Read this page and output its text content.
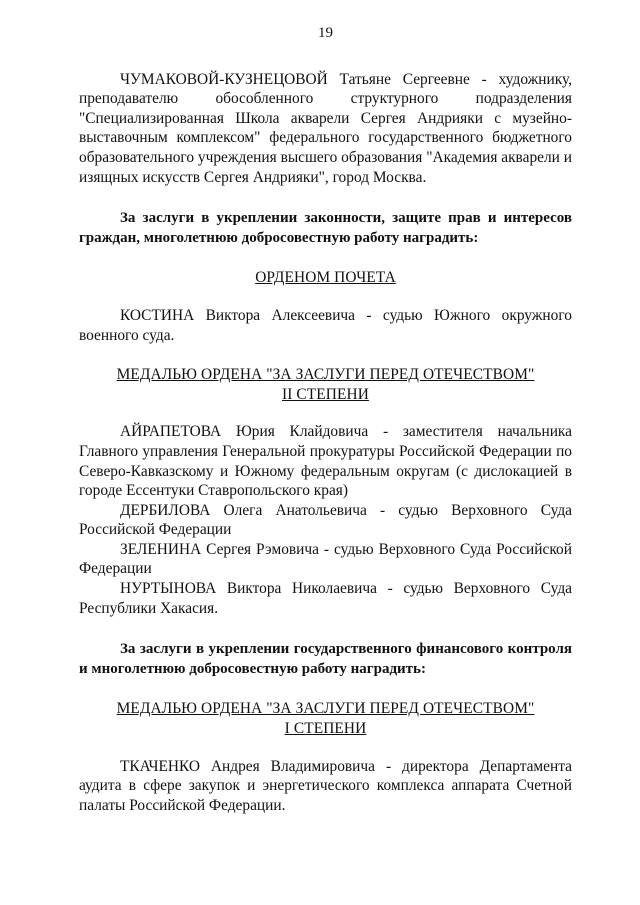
19

ЧУМАКОВОЙ-КУЗНЕЦОВОЙ Татьяне Сергеевне - художнику, преподавателю обособленного структурного подразделения "Специализированная Школа акварели Сергея Андрияки с музейно-выставочным комплексом" федерального государственного бюджетного образовательного учреждения высшего образования "Академия акварели и изящных искусств Сергея Андрияки", город Москва.

За заслуги в укреплении законности, защите прав и интересов граждан, многолетнюю добросовестную работу наградить:

ОРДЕНОМ ПОЧЕТА

КОСТИНА Виктора Алексеевича - судью Южного окружного военного суда.

МЕДАЛЬЮ ОРДЕНА "ЗА ЗАСЛУГИ ПЕРЕД ОТЕЧЕСТВОМ"
II СТЕПЕНИ

АЙРАПЕТОВА Юрия Клайдовича - заместителя начальника Главного управления Генеральной прокуратуры Российской Федерации по Северо-Кавказскому и Южному федеральным округам (с дислокацией в городе Ессентуки Ставропольского края)

ДЕРБИЛОВА Олега Анатольевича - судью Верховного Суда Российской Федерации

ЗЕЛЕНИНА Сергея Рэмовича - судью Верховного Суда Российской Федерации

НУРТЫНОВА Виктора Николаевича - судью Верховного Суда Республики Хакасия.

За заслуги в укреплении государственного финансового контроля и многолетнюю добросовестную работу наградить:

МЕДАЛЬЮ ОРДЕНА "ЗА ЗАСЛУГИ ПЕРЕД ОТЕЧЕСТВОМ"
I СТЕПЕНИ

ТКАЧЕНКО Андрея Владимировича - директора Департамента аудита в сфере закупок и энергетического комплекса аппарата Счетной палаты Российской Федерации.
